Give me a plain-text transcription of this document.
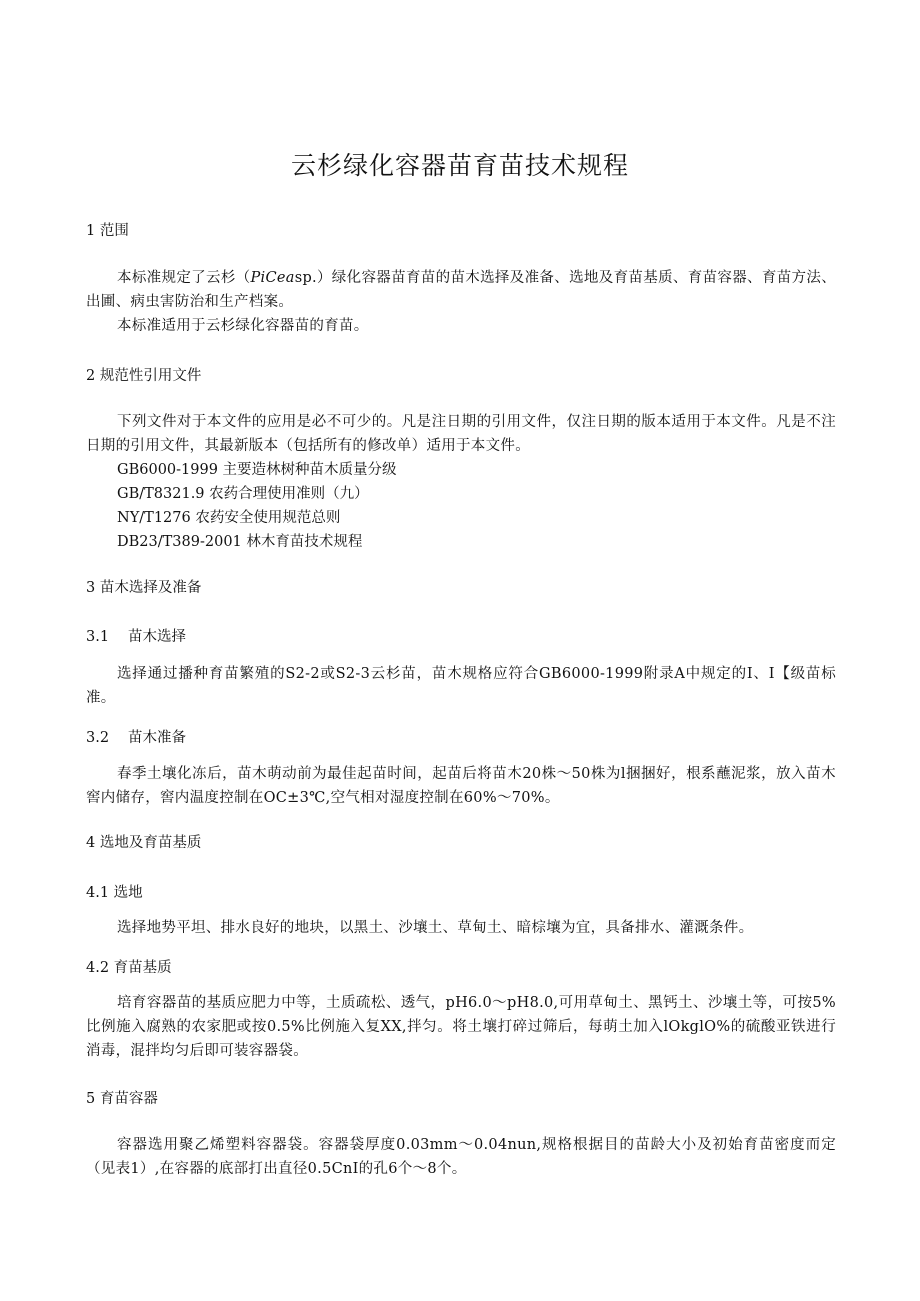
云杉绿化容器苗育苗技术规程
1 范围
本标准规定了云杉（PiCeasp.）绿化容器苗育苗的苗木选择及准备、选地及育苗基质、育苗容器、育苗方法、出圃、病虫害防治和生产档案。
本标准适用于云杉绿化容器苗的育苗。
2 规范性引用文件
下列文件对于本文件的应用是必不可少的。凡是注日期的引用文件，仅注日期的版本适用于本文件。凡是不注日期的引用文件，其最新版本（包括所有的修改单）适用于本文件。
GB6000-1999 主要造林树种苗木质量分级
GB/T8321.9 农药合理使用准则（九）
NY/T1276 农药安全使用规范总则
DB23/T389-2001 林木育苗技术规程
3 苗木选择及准备
3.1 苗木选择
选择通过播种育苗繁殖的S2-2或S2-3云杉苗，苗木规格应符合GB6000-1999附录A中规定的I、I【级苗标准。
3.2 苗木准备
春季土壤化冻后，苗木萌动前为最佳起苗时间，起苗后将苗木20株～50株为l捆捆好，根系蘸泥浆，放入苗木窖内储存，窖内温度控制在OC±3℃,空气相对湿度控制在60%～70%。
4 选地及育苗基质
4.1 选地
选择地势平坦、排水良好的地块，以黑土、沙壤土、草甸土、暗棕壤为宜，具备排水、灌溉条件。
4.2 育苗基质
培育容器苗的基质应肥力中等，土质疏松、透气，pH6.0～pH8.0,可用草甸土、黑钙土、沙壤土等，可按5%比例施入腐熟的农家肥或按0.5%比例施入复XX,拌匀。将土壤打碎过筛后，每萌土加入lOkglO%的硫酸亚铁进行消毒，混拌均匀后即可装容器袋。
5 育苗容器
容器选用聚乙烯塑料容器袋。容器袋厚度0.03mm～0.04nun,规格根据目的苗龄大小及初始育苗密度而定（见表1）,在容器的底部打出直径0.5CnI的孔6个～8个。
